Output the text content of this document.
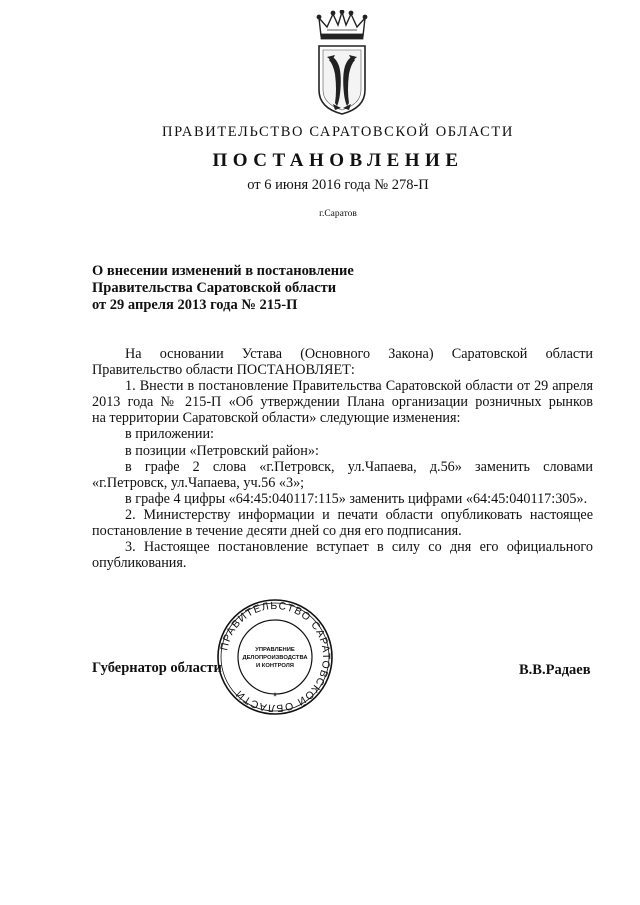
ПРАВИТЕЛЬСТВО САРАТОВСКОЙ ОБЛАСТИ
ПОСТАНОВЛЕНИЕ
от 6 июня 2016 года № 278-П
г.Саратов
О внесении изменений в постановление
Правительства Саратовской области
от 29 апреля 2013 года № 215-П
На основании Устава (Основного Закона) Саратовской области
Правительство области ПОСТАНОВЛЯЕТ:
1. Внести в постановление Правительства Саратовской области от 29 апреля
2013 года № 215-П «Об утверждении Плана организации розничных рынков
на территории Саратовской области» следующие изменения:
в приложении:
в позиции «Петровский район»:
в графе 2 слова «г.Петровск, ул.Чапаева, д.56» заменить словами
«г.Петровск, ул.Чапаева, уч.56 «3»;
в графе 4 цифры «64:45:040117:115» заменить цифрами «64:45:040117:305».
2. Министерству информации и печати области опубликовать настоящее
постановление в течение десяти дней со дня его подписания.
3. Настоящее постановление вступает в силу со дня его официального
опубликования.
Губернатор области	В.В.Радаев
ПРАВИТЕЛЬСТВО САРАТОВСКОЙ ОБЛАСТИ	*
УПРАВЛЕНИЕ
ДЕЛОПРОИЗВОДСТВА
И КОНТРОЛЯ
